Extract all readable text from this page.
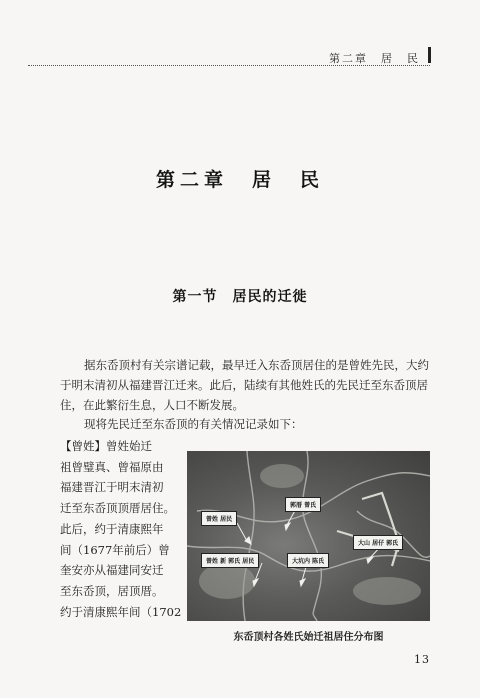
第二章　居　民
第二章　居　民
第一节　居民的迁徙
据东岙顶村有关宗谱记载，最早迁入东岙顶居住的是曾姓先民，大约于明末清初从福建晋江迁来。此后，陆续有其他姓氏的先民迁至东岙顶居住，在此繁衍生息，人口不断发展。
现将先民迁至东岙顶的有关情况记录如下：
【曾姓】曾姓始迁
祖曾璧真、曾福原由
福建晋江于明末清初
迁至东岙顶顶厝居住。
此后，约于清康熙年
间（1677年前后）曾
奎安亦从福建同安迁
至东岙顶，居顶厝。
约于清康熙年间（1702
曾姓 居民
郭厝 曾氏
曾姓 新 郭氏 居民	大坑内 陈氏
大山 居仔 郭氏
东岙顶村各姓氏始迁祖居住分布图
13
